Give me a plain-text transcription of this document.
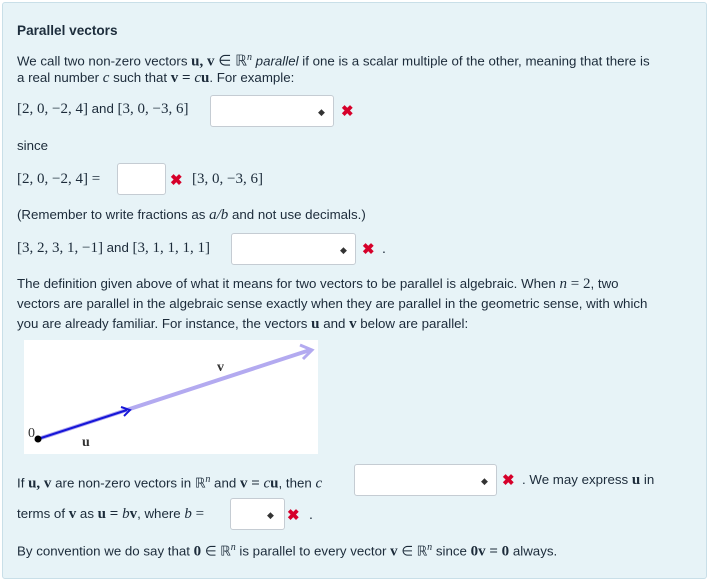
Parallel vectors
We call two non-zero vectors u, v ∈ ℝ$^n$ parallel if one is a scalar multiple of the other, meaning that there is
a real number c such that v = cu. For example:
[2, 0, −2, 4] and [3, 0, −3, 6]	◆ ✖
since
[2, 0, −2, 4] =	✖ [3, 0, −3, 6]
(Remember to write fractions as a/b and not use decimals.)
[3, 2, 3, 1, −1] and [3, 1, 1, 1, 1]	◆ ✖ .
The definition given above of what it means for two vectors to be parallel is algebraic. When n = 2, two
vectors are parallel in the algebraic sense exactly when they are parallel in the geometric sense, with which
you are already familiar. For instance, the vectors u and v below are parallel:
v
u
0
If u, v are non-zero vectors in ℝ$^n$ and v = cu, then c	◆ ✖ . We may express u in
terms of v as u = bv, where b =	◆ ✖ .
By convention we do say that 0 ∈ ℝ$^n$ is parallel to every vector v ∈ ℝ$^n$ since 0v = 0 always.
